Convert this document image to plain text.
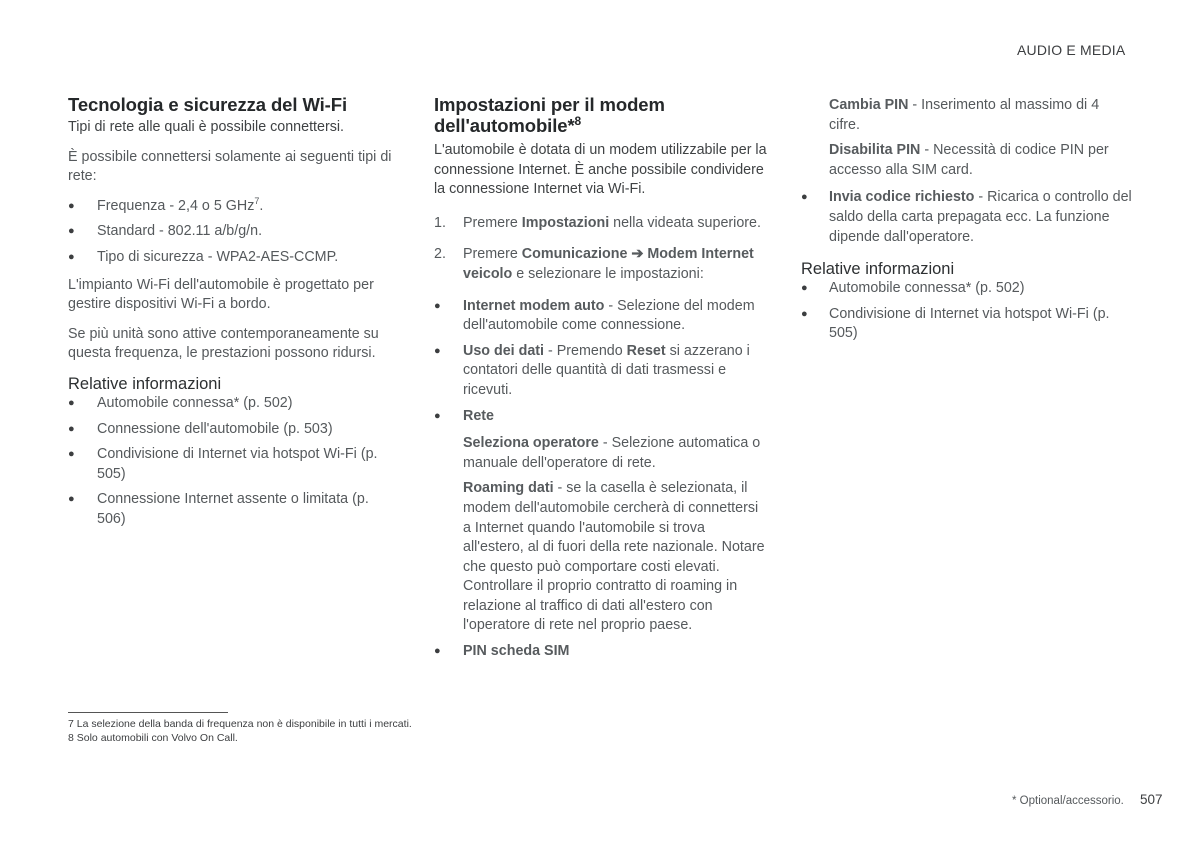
AUDIO E MEDIA
Tecnologia e sicurezza del Wi-Fi

Tipi di rete alle quali è possibile connettersi.

È possibile connettersi solamente ai seguenti tipi di rete:

● Frequenza - 2,4 o 5 GHz$^7$.
● Standard - 802.11 a/b/g/n.
● Tipo di sicurezza - WPA2-AES-CCMP.

L'impianto Wi-Fi dell'automobile è progettato per gestire dispositivi Wi-Fi a bordo.

Se più unità sono attive contemporaneamente su questa frequenza, le prestazioni possono ridursi.

Relative informazioni
● Automobile connessa* (p. 502)
● Connessione dell'automobile (p. 503)
● Condivisione di Internet via hotspot Wi-Fi (p. 505)
● Connessione Internet assente o limitata (p. 506)
Impostazioni per il modem dell'automobile*$^8$

L'automobile è dotata di un modem utilizzabile per la connessione Internet. È anche possibile condividere la connessione Internet via Wi-Fi.

1. Premere Impostazioni nella videata superiore.
2. Premere Comunicazione ➔ Modem Internet veicolo e selezionare le impostazioni:
● Internet modem auto - Selezione del modem dell'automobile come connessione.
● Uso dei dati - Premendo Reset si azzerano i contatori delle quantità di dati trasmessi e ricevuti.
● Rete

Seleziona operatore - Selezione automatica o manuale dell'operatore di rete.

Roaming dati - se la casella è selezionata, il modem dell'automobile cercherà di connettersi a Internet quando l'automobile si trova all'estero, al di fuori della rete nazionale. Notare che questo può comportare costi elevati. Controllare il proprio contratto di roaming in relazione al traffico di dati all'estero con l'operatore di rete nel proprio paese.

● PIN scheda SIM

Cambia PIN - Inserimento al massimo di 4 cifre.

Disabilita PIN - Necessità di codice PIN per accesso alla SIM card.

● Invia codice richiesto - Ricarica o controllo del saldo della carta prepagata ecc. La funzione dipende dall'operatore.
Relative informazioni
● Automobile connessa* (p. 502)
● Condivisione di Internet via hotspot Wi-Fi (p. 505)
7 La selezione della banda di frequenza non è disponibile in tutti i mercati.
8 Solo automobili con Volvo On Call.
* Optional/accessorio. 507
